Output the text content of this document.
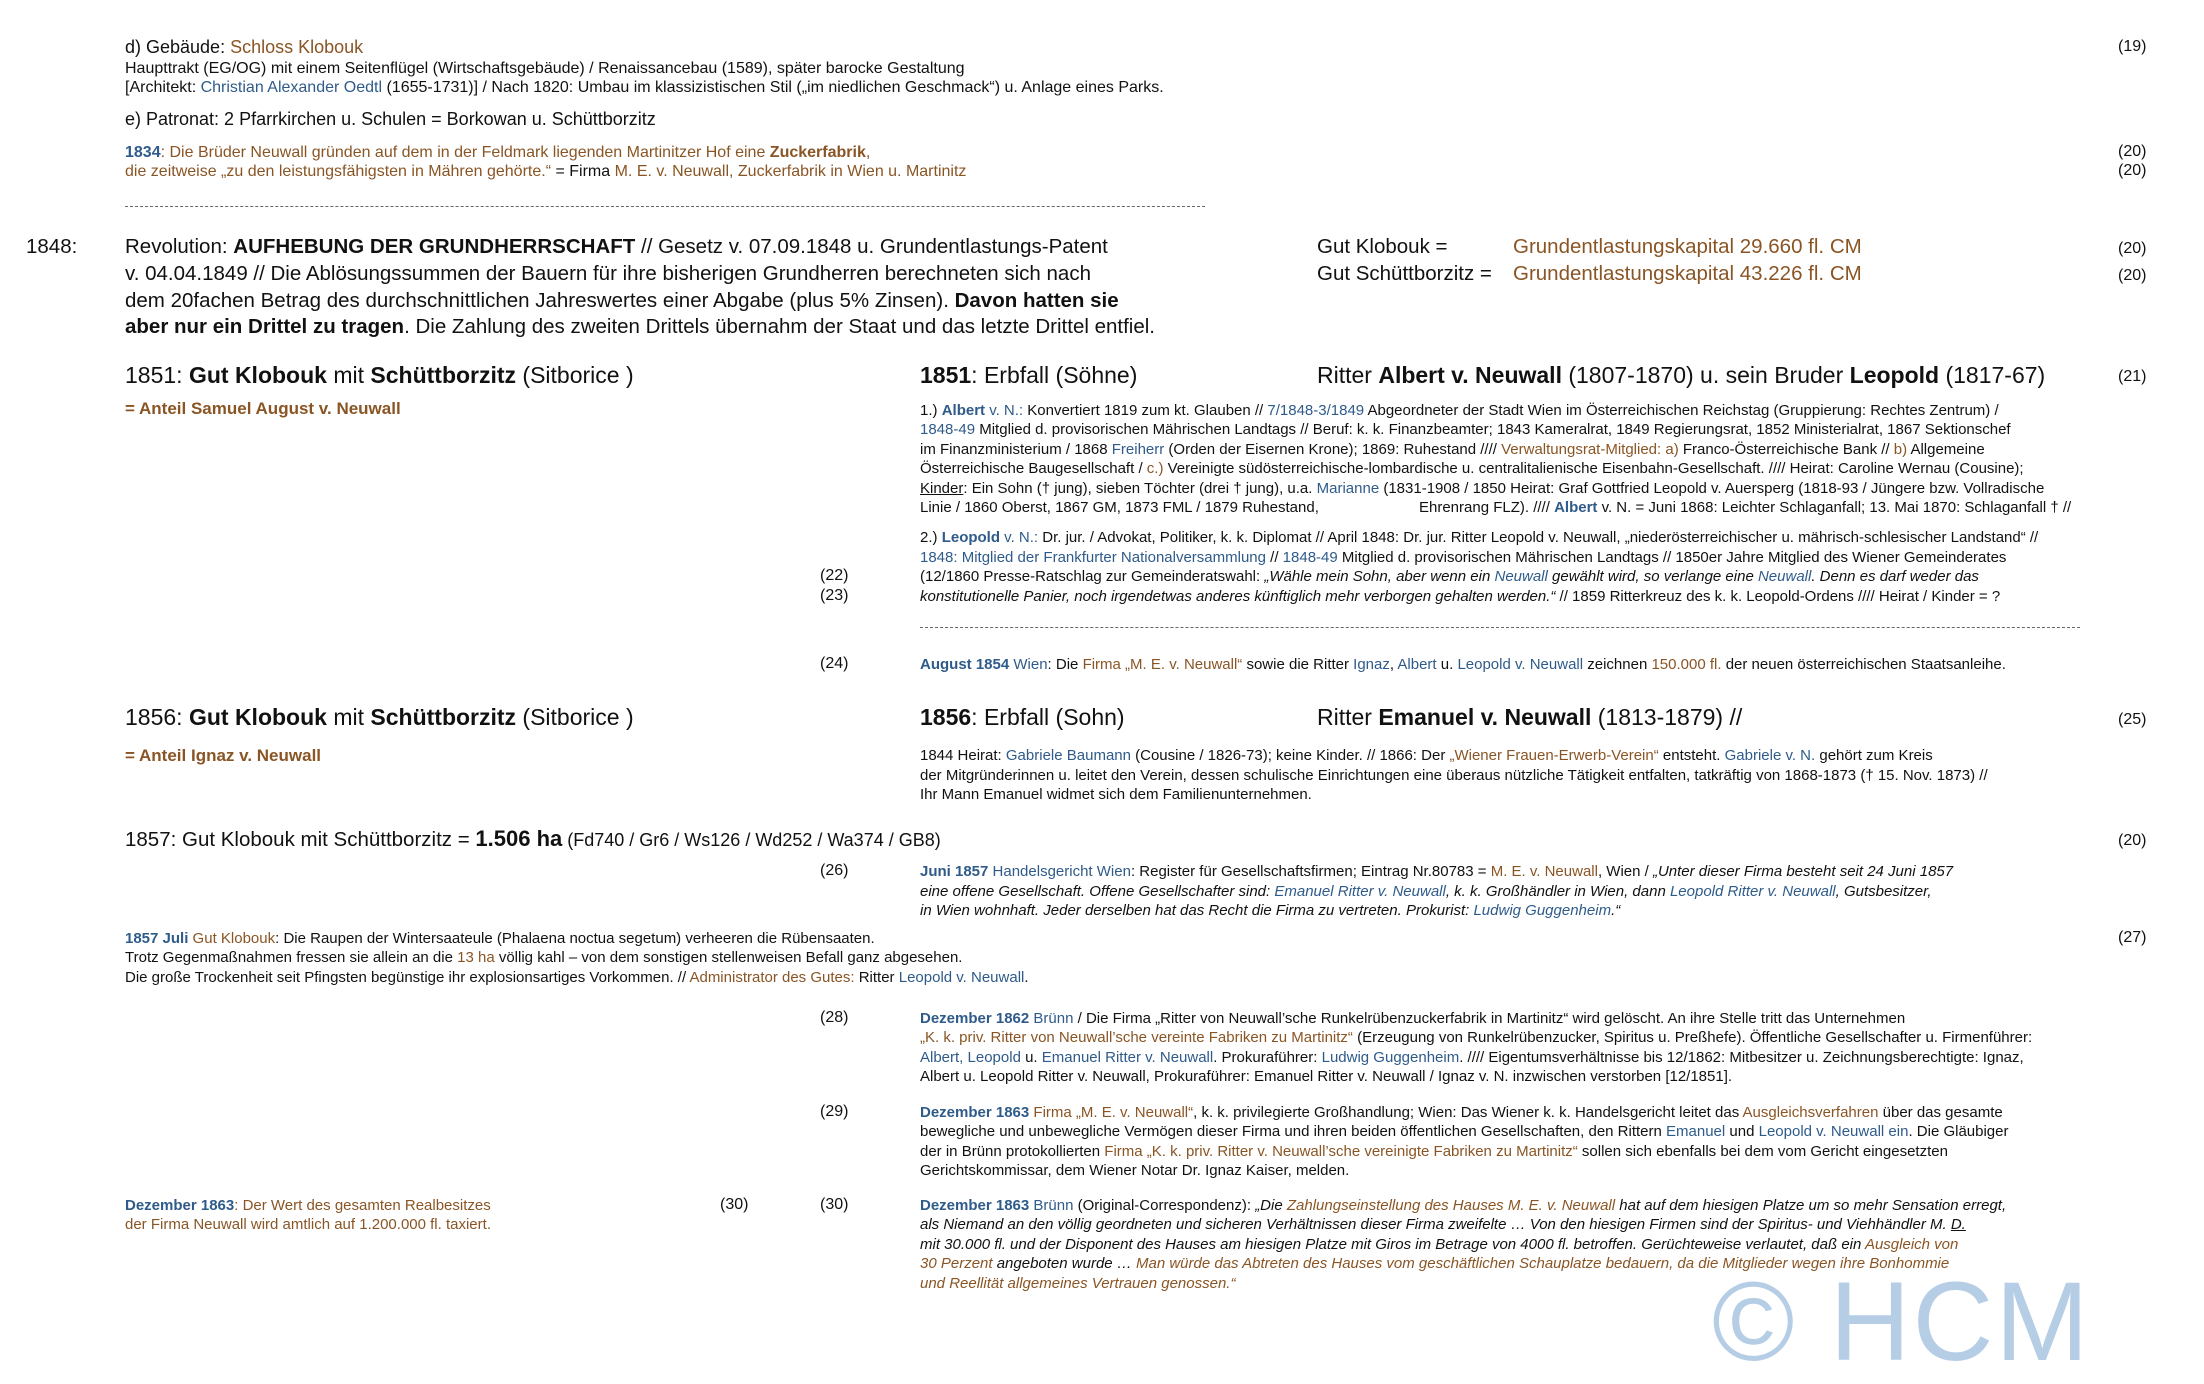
d) Gebäude: Schloss Klobouk
Haupttrakt (EG/OG) mit einem Seitenflügel (Wirtschaftsgebäude) / Renaissancebau (1589), später barocke Gestaltung
[Architekt: Christian Alexander Oedtl (1655-1731)] / Nach 1820: Umbau im klassizistischen Stil („im niedlichen Geschmack“) u. Anlage eines Parks.
(19)
e) Patronat: 2 Pfarrkirchen u. Schulen = Borkowan u. Schüttborzitz
1834: Die Brüder Neuwall gründen auf dem in der Feldmark liegenden Martinitzer Hof eine Zuckerfabrik,
die zeitweise „zu den leistungsfähigsten in Mähren gehörte.“ = Firma M. E. v. Neuwall, Zuckerfabrik in Wien u. Martinitz
(20)
(20)
1848: Revolution: AUFHEBUNG DER GRUNDHERRSCHAFT // Gesetz v. 07.09.1848 u. Grundentlastungs-Patent
v. 04.04.1849 // Die Ablösungssummen der Bauern für ihre bisherigen Grundherren berechneten sich nach
dem 20fachen Betrag des durchschnittlichen Jahreswertes einer Abgabe (plus 5% Zinsen). Davon hatten sie
aber nur ein Drittel zu tragen. Die Zahlung des zweiten Drittels übernahm der Staat und das letzte Drittel entfiel.
Gut Klobouk =	Grundentlastungskapital 29.660 fl. CM
Gut Schüttborzitz = Grundentlastungskapital 43.226 fl. CM
(20)
(20)
1851: Gut Klobouk mit Schüttborzitz (Sitborice )
= Anteil Samuel August v. Neuwall
1851: Erbfall (Söhne)	Ritter Albert v. Neuwall (1807-1870) u. sein Bruder Leopold (1817-67)	(21)
1.) Albert v. N.: Konvertiert 1819 zum kt. Glauben // 7/1848-3/1849 Abgeordneter der Stadt Wien im Österreichischen Reichstag (Gruppierung: Rechtes Zentrum) /
1848-49 Mitglied d. provisorischen Mährischen Landtags // Beruf: k. k. Finanzbeamter; 1843 Kameralrat, 1849 Regierungsrat, 1852 Ministerialrat, 1867 Sektionschef
im Finanzministerium / 1868 Freiherr (Orden der Eisernen Krone); 1869: Ruhestand //// Verwaltungsrat-Mitglied: a) Franco-Österreichische Bank // b) Allgemeine
Österreichische Baugesellschaft / c.) Vereinigte südösterreichische-lombardische u. centralitalienische Eisenbahn-Gesellschaft. //// Heirat: Caroline Wernau (Cousine);
Kinder: Ein Sohn († jung), sieben Töchter (drei † jung), u.a. Marianne (1831-1908 / 1850 Heirat: Graf Gottfried Leopold v. Auersperg (1818-93 / Jüngere bzw. Vollradische
Linie / 1860 Oberst, 1867 GM, 1873 FML / 1879 Ruhestand,	Ehrenrang FLZ). //// Albert v. N. = Juni 1868: Leichter Schlaganfall; 13. Mai 1870: Schlaganfall † //
2.) Leopold v. N.: Dr. jur. / Advokat, Politiker, k. k. Diplomat // April 1848: Dr. jur. Ritter Leopold v. Neuwall, „niederösterreichischer u. mährisch-schlesischer Landstand“ //
1848: Mitglied der Frankfurter Nationalversammlung // 1848-49 Mitglied d. provisorischen Mährischen Landtags // 1850er Jahre Mitglied des Wiener Gemeinderates
(12/1860 Presse-Ratschlag zur Gemeinderatswahl: „Wähle mein Sohn, aber wenn ein Neuwall gewählt wird, so verlange eine Neuwall. Denn es darf weder das
konstitutionelle Panier, noch irgendetwas anderes künftiglich mehr verborgen gehalten werden.“ // 1859 Ritterkreuz des k. k. Leopold-Ordens //// Heirat / Kinder = ?
(22)
(23)
(24)	August 1854 Wien: Die Firma „M. E. v. Neuwall“ sowie die Ritter Ignaz, Albert u. Leopold v. Neuwall zeichnen 150.000 fl. der neuen österreichischen Staatsanleihe.
1856: Gut Klobouk mit Schüttborzitz (Sitborice )
= Anteil Ignaz v. Neuwall
1856: Erbfall (Sohn)	Ritter Emanuel v. Neuwall (1813-1879) //	(25)
1844 Heirat: Gabriele Baumann (Cousine / 1826-73); keine Kinder. // 1866: Der „Wiener Frauen-Erwerb-Verein“ entsteht. Gabriele v. N. gehört zum Kreis
der Mitgründerinnen u. leitet den Verein, dessen schulische Einrichtungen eine überaus nützliche Tätigkeit entfalten, tatkräftig von 1868-1873 († 15. Nov. 1873) //
Ihr Mann Emanuel widmet sich dem Familienunternehmen.
1857: Gut Klobouk mit Schüttborzitz = 1.506 ha (Fd740 / Gr6 / Ws126 / Wd252 / Wa374 / GB8)	(20)
(26)	Juni 1857 Handelsgericht Wien: Register für Gesellschaftsfirmen; Eintrag Nr.80783 = M. E. v. Neuwall, Wien / „Unter dieser Firma besteht seit 24 Juni 1857
eine offene Gesellschaft. Offene Gesellschafter sind: Emanuel Ritter v. Neuwall, k. k. Großhändler in Wien, dann Leopold Ritter v. Neuwall, Gutsbesitzer,
in Wien wohnhaft. Jeder derselben hat das Recht die Firma zu vertreten. Prokurist: Ludwig Guggenheim.“
1857 Juli Gut Klobouk: Die Raupen der Wintersaateule (Phalaena noctua segetum) verheeren die Rübensaaten.
Trotz Gegenmaßnahmen fressen sie allein an die 13 ha völlig kahl – von dem sonstigen stellenweisen Befall ganz abgesehen.
Die große Trockenheit seit Pfingsten begünstige ihr explosionsartiges Vorkommen. // Administrator des Gutes: Ritter Leopold v. Neuwall.
(27)
(28)	Dezember 1862 Brünn / Die Firma „Ritter von Neuwall’sche Runkelrübenzuckerfabrik in Martinitz“ wird gelöscht. An ihre Stelle tritt das Unternehmen
„K. k. priv. Ritter von Neuwall’sche vereinte Fabriken zu Martinitz“ (Erzeugung von Runkelrübenzucker, Spiritus u. Preßhefe). Öffentliche Gesellschafter u. Firmenführer:
Albert, Leopold u. Emanuel Ritter v. Neuwall. Prokuraführer: Ludwig Guggenheim. //// Eigentumsverhältnisse bis 12/1862: Mitbesitzer u. Zeichnungsberechtigte: Ignaz,
Albert u. Leopold Ritter v. Neuwall, Prokuraführer: Emanuel Ritter v. Neuwall / Ignaz v. N. inzwischen verstorben [12/1851].
(29)	Dezember 1863 Firma „M. E. v. Neuwall“, k. k. privilegierte Großhandlung; Wien: Das Wiener k. k. Handelsgericht leitet das Ausgleichsverfahren über das gesamte
bewegliche und unbewegliche Vermögen dieser Firma und ihren beiden öffentlichen Gesellschaften, den Rittern Emanuel und Leopold v. Neuwall ein. Die Gläubiger
der in Brünn protokollierten Firma „K. k. priv. Ritter v. Neuwall’sche vereinigte Fabriken zu Martinitz“ sollen sich ebenfalls bei dem vom Gericht eingesetzten
Gerichtskommissar, dem Wiener Notar Dr. Ignaz Kaiser, melden.
Dezember 1863: Der Wert des gesamten Realbesitzes
der Firma Neuwall wird amtlich auf 1.200.000 fl. taxiert.
(30)	(30)	Dezember 1863 Brünn (Original-Correspondenz): „Die Zahlungseinstellung des Hauses M. E. v. Neuwall hat auf dem hiesigen Platze um so mehr Sensation erregt,
als Niemand an den völlig geordneten und sicheren Verhältnissen dieser Firma zweifelte … Von den hiesigen Firmen sind der Spiritus- und Viehhändler M. D.
mit 30.000 fl. und der Disponent des Hauses am hiesigen Platze mit Giros im Betrage von 4000 fl. betroffen. Gerüchteweise verlautet, daß ein Ausgleich von
30 Perzent angeboten wurde … Man würde das Abtreten des Hauses vom geschäftlichen Schauplatze bedauern, da die Mitglieder wegen ihre Bonhommie
und Reellität allgemeines Vertrauen genossen.“	© HCM
